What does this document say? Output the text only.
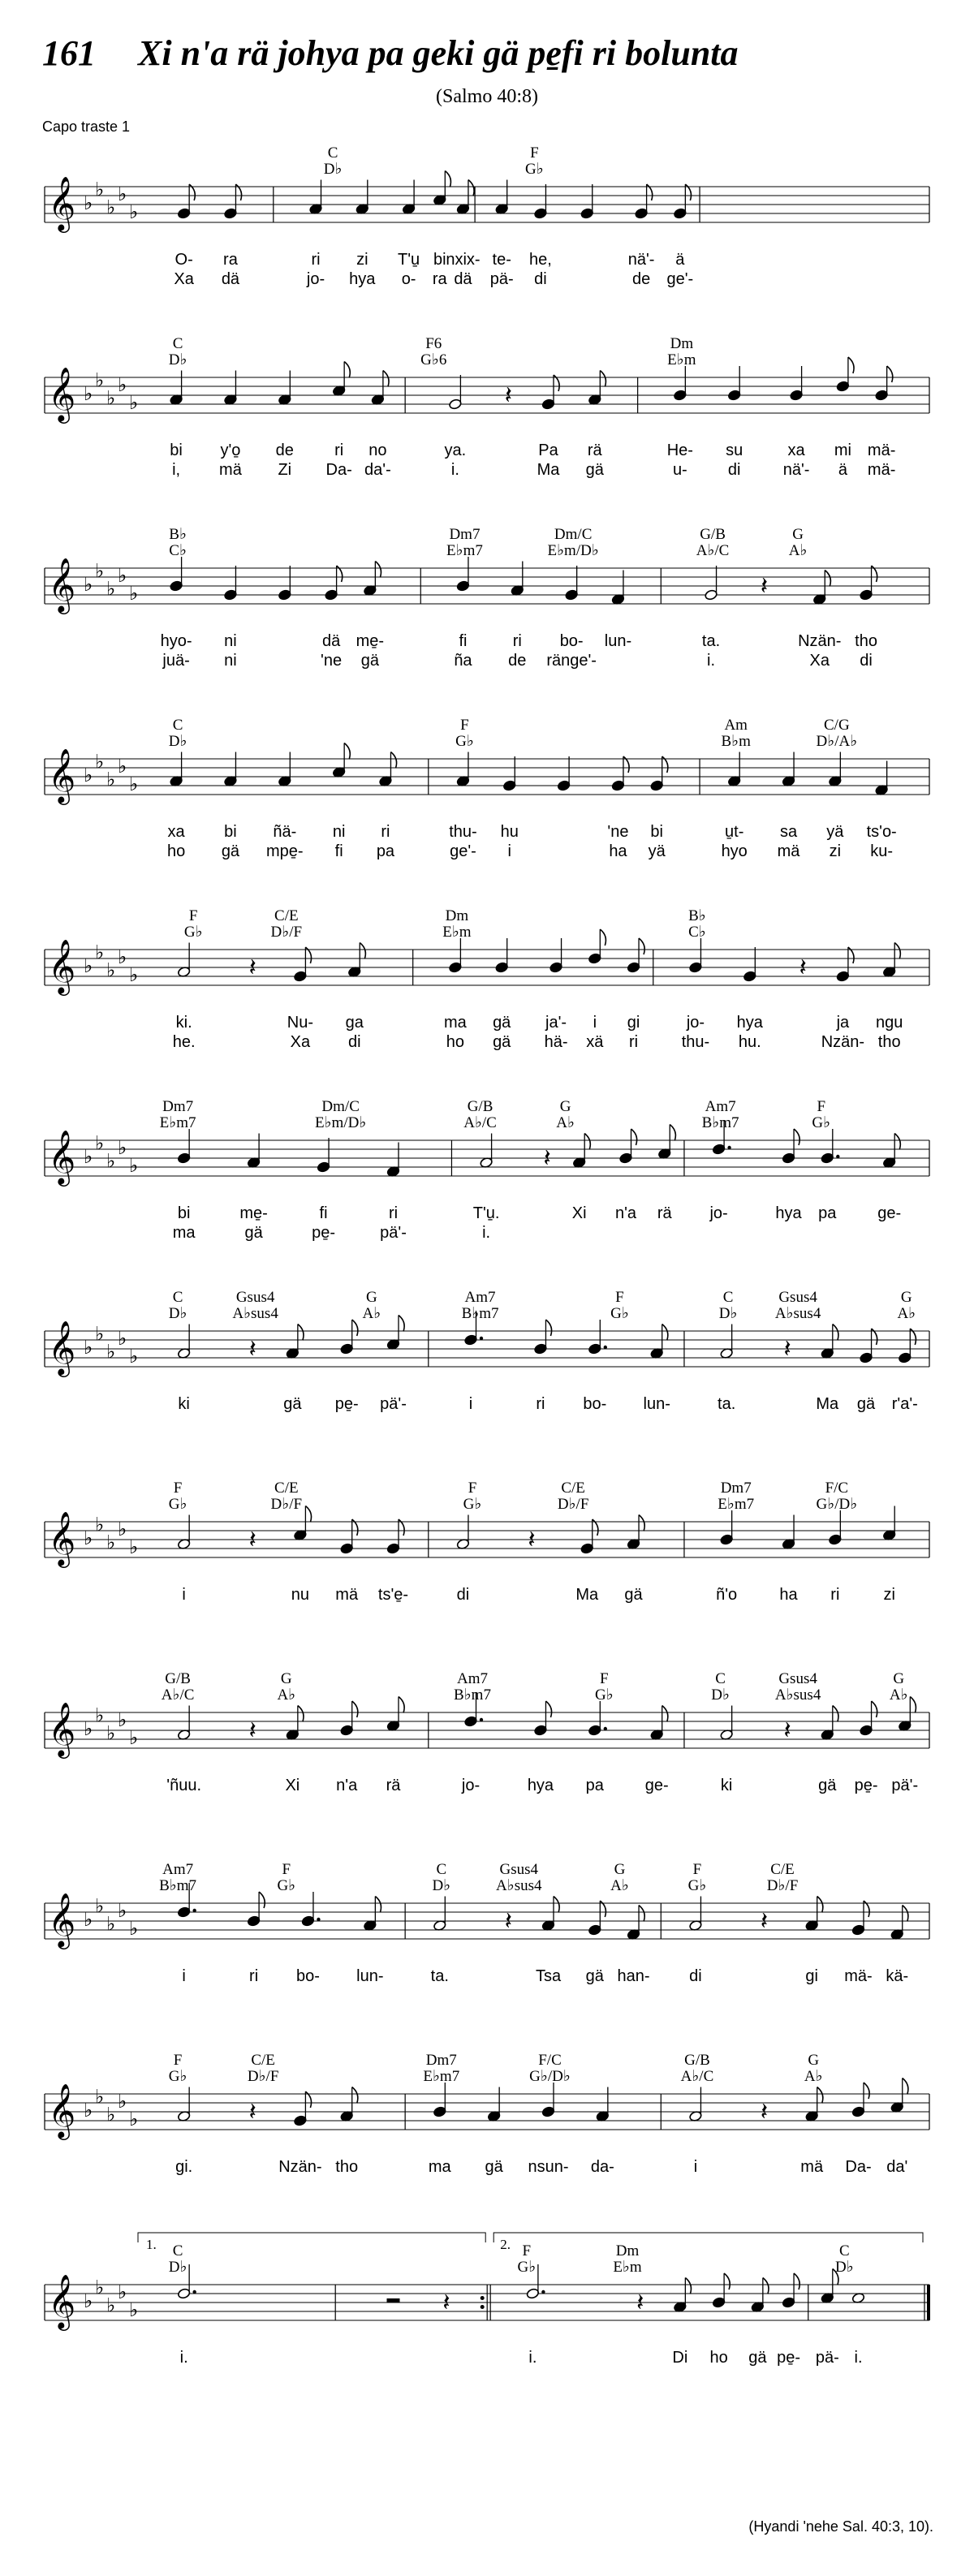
161 Xi n'a rä johya pa geki gä pe̱fi ri bolunta
(Salmo 40:8)
Capo traste 1
C
D♭
F
G♭
𝄞 ♭
♭
♭
♭
♭
O- ra	ri zi T'u̱ bi nxix- te- he,	nä'- ä
Xa dä	jo- hya o- ra dä pä- di	de ge'-
C
D♭
F6
G♭6
Dm
E♭m
𝄞 ♭
♭
♭
♭
♭	𝄽
bi y'o̱ de	ri no	ya.	Pa rä	He- su	xa mi mä-
i, mä Zi Da- da'-	i.	Ma gä	u-	di	nä'- ä mä-
B♭
C♭
Dm7
E♭m7
Dm/C
E♭m/D♭
G/B
A♭/C
G
A♭
𝄞 ♭
♭
♭
♭
♭	𝄽
hyo- ni	dä me̱-	fi	ri bo- lun-	ta.	Nzän- tho
juä- ni	'ne gä	ña de ränge'-	i.	Xa di
C
D♭
F
G♭
Am
B♭m
C/G
D♭/A♭
𝄞 ♭
♭
♭
♭
♭
xa bi ñä- ni ri	thu- hu	'ne bi	u̱t- sa yä ts'o-
ho gä mpe̱- fi pa	ge'- i	ha yä	hyo mä zi ku-
F
G♭
C/E
D♭/F
Dm
E♭m
B♭
C♭
𝄞 ♭
♭
♭
♭
♭	𝄽	𝄽
ki.	Nu- ga	ma gä ja'- i gi	jo- hya	ja ngu
he.	Xa di	ho gä hä- xä ri	thu- hu.	Nzän- tho
Dm7
E♭m7
Dm/C
E♭m/D♭
G/B
A♭/C
G
A♭
Am7
B♭m7
F
G♭
𝄞 ♭
♭
♭
♭
♭	𝄽
bi	me̱-	fi	ri	T'u̱.	Xi n'a rä jo-	hya pa	ge-
ma	gä	pe̱-	pä'-	i.
C
D♭
Gsus4
A♭sus4
G
A♭
Am7
B♭m7
F
G♭
C
D♭
Gsus4
A♭sus4
G
A♭
𝄞 ♭
♭
♭
♭
♭	𝄽	𝄽
ki	gä pe̱- pä'-	i	ri bo- lun-	ta.	Ma gä r'a'-
F
G♭
C/E
D♭/F
F
G♭
C/E
D♭/F
Dm7
E♭m7
F/C
G♭/D♭
𝄞 ♭
♭
♭
♭
♭	𝄽	𝄽
i	nu mä ts'e̱-	di	Ma gä	ñ'o	ha ri	zi
G/B
A♭/C
G
A♭
Am7
B♭m7
F
G♭
C
D♭
Gsus4
A♭sus4
G
A♭
𝄞 ♭
♭
♭
♭
♭	𝄽	𝄽
'ñuu.	Xi n'a rä	jo-	hya pa	ge-	ki	gä pe̱- pä'-
Am7
B♭m7
F
G♭
C
D♭
Gsus4
A♭sus4
G
A♭
F
G♭
C/E
D♭/F
𝄞 ♭
♭
♭
♭
♭	𝄽	𝄽
i	ri bo- lun-	ta.	Tsa gä han- di	gi mä- kä-
F
G♭
C/E
D♭/F
Dm7
E♭m7
F/C
G♭/D♭
G/B
A♭/C
G
A♭
𝄞 ♭
♭
♭
♭
♭	𝄽	𝄽
gi.	Nzän- tho	ma gä nsun- da-	i	mä Da- da'
C
D♭
F
G♭
Dm
E♭m
C
D♭
𝄞 ♭
♭
♭
♭
♭
1.	2.
𝄽	𝄽
i.	i.	Di ho gä pe̱- pä- i.
(Hyandi 'nehe Sal. 40:3, 10).
